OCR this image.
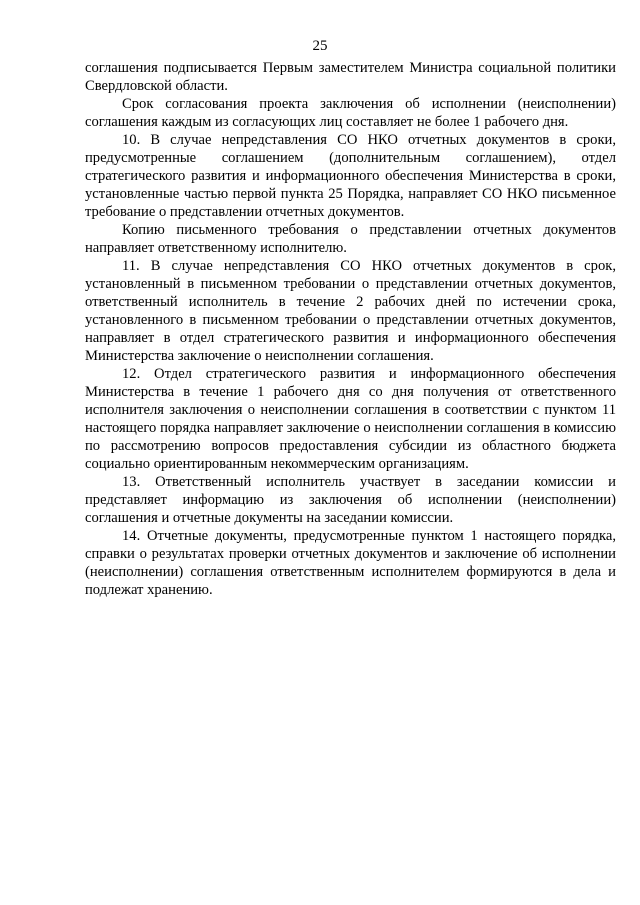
25

соглашения подписывается Первым заместителем Министра социальной политики Свердловской области.

Срок согласования проекта заключения об исполнении (неисполнении) соглашения каждым из согласующих лиц составляет не более 1 рабочего дня.

10. В случае непредставления СО НКО отчетных документов в сроки, предусмотренные соглашением (дополнительным соглашением), отдел стратегического развития и информационного обеспечения Министерства в сроки, установленные частью первой пункта 25 Порядка, направляет СО НКО письменное требование о представлении отчетных документов.

Копию письменного требования о представлении отчетных документов направляет ответственному исполнителю.

11. В случае непредставления СО НКО отчетных документов в срок, установленный в письменном требовании о представлении отчетных документов, ответственный исполнитель в течение 2 рабочих дней по истечении срока, установленного в письменном требовании о представлении отчетных документов, направляет в отдел стратегического развития и информационного обеспечения Министерства заключение о неисполнении соглашения.

12. Отдел стратегического развития и информационного обеспечения Министерства в течение 1 рабочего дня со дня получения от ответственного исполнителя заключения о неисполнении соглашения в соответствии с пунктом 11 настоящего порядка направляет заключение о неисполнении соглашения в комиссию по рассмотрению вопросов предоставления субсидии из областного бюджета социально ориентированным некоммерческим организациям.

13. Ответственный исполнитель участвует в заседании комиссии и представляет информацию из заключения об исполнении (неисполнении) соглашения и отчетные документы на заседании комиссии.

14. Отчетные документы, предусмотренные пунктом 1 настоящего порядка, справки о результатах проверки отчетных документов и заключение об исполнении (неисполнении) соглашения ответственным исполнителем формируются в дела и подлежат хранению.
